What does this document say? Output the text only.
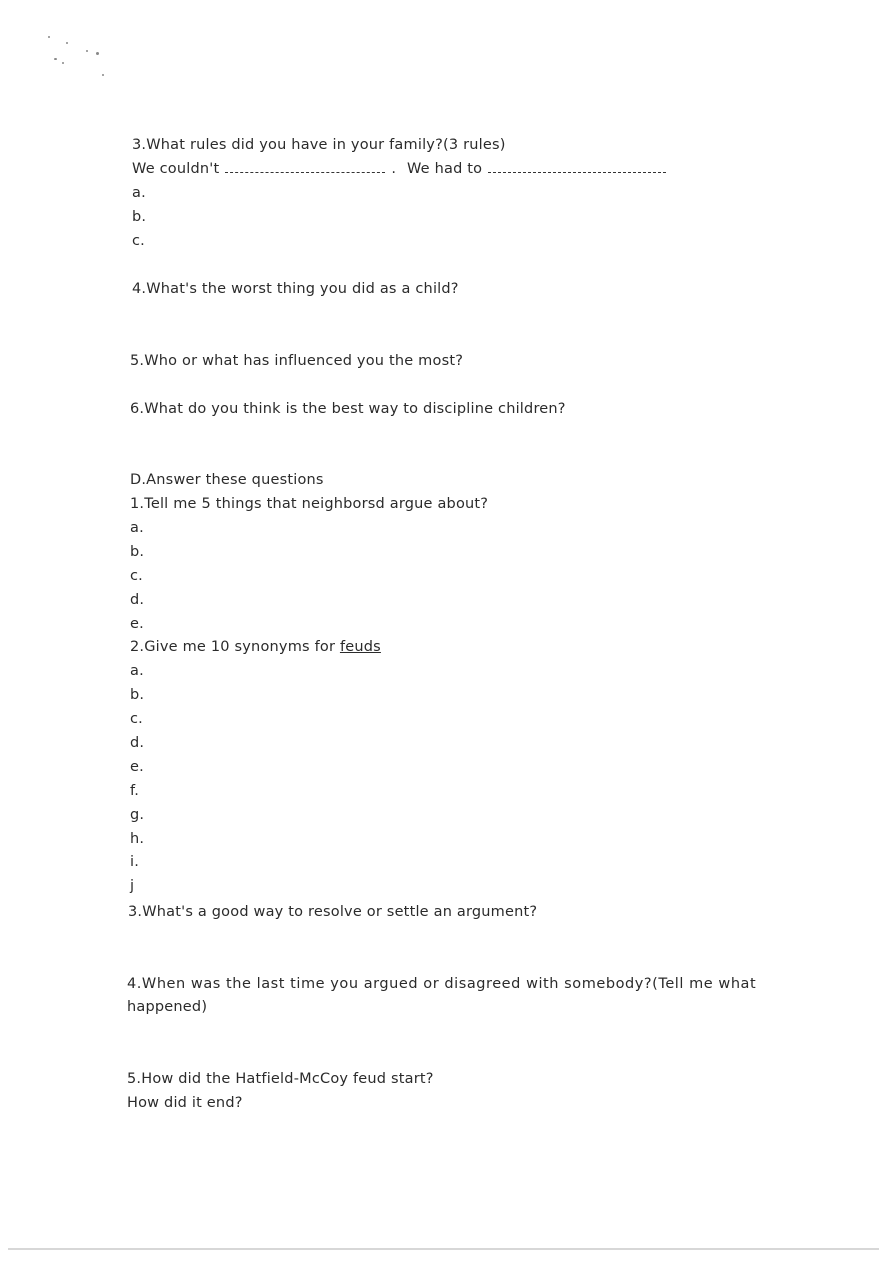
3.What rules did you have in your family?(3 rules)
We couldn't	. We had to
a.
b.
c.
4.What's the worst thing you did as a child?
5.Who or what has influenced you the most?
6.What do you think is the best way to discipline children?
D.Answer these questions
1.Tell me 5 things that neighborsd argue about?
a.
b.
c.
d.
e.
2.Give me 10 synonyms for feuds
a.
b.
c.
d.
e.
f.
g.
h.
i.
j
3.What's a good way to resolve or settle an argument?
4.When was the last time you argued or disagreed with somebody?(Tell me what
happened)
5.How did the Hatfield-McCoy feud start?
How did it end?
